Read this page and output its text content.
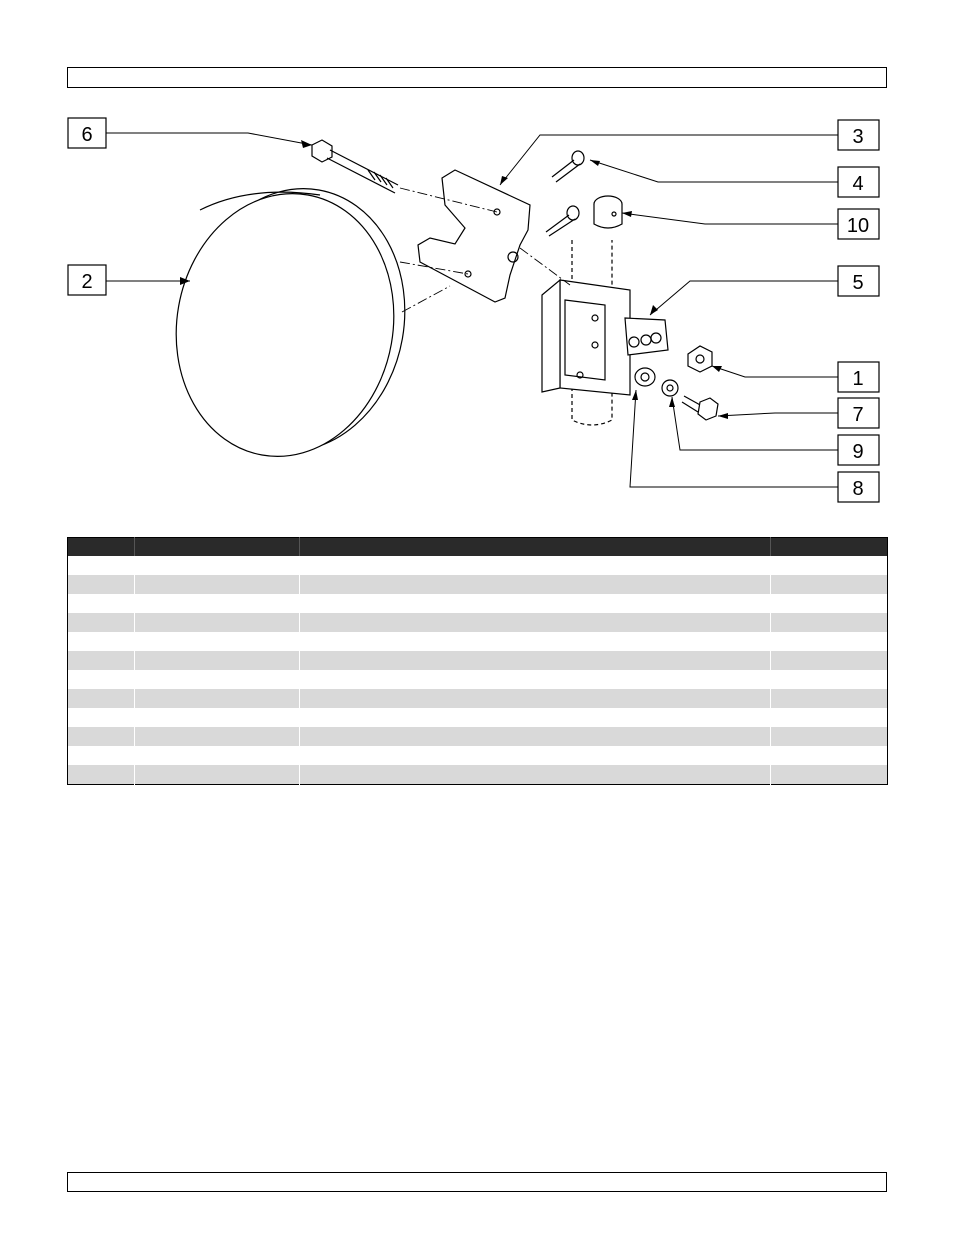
6	3
4
10
2	5
1
7
9
8
